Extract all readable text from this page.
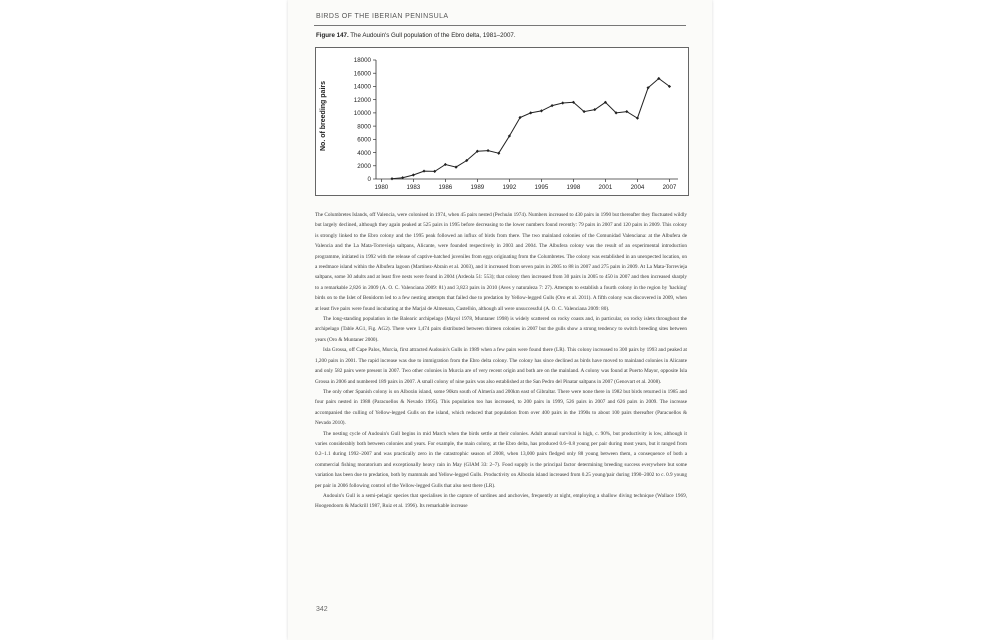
BIRDS OF THE IBERIAN PENINSULA
Figure 147. The Audouin's Gull population of the Ebro delta, 1981–2007.
No. of breeding pairs
0
2000
4000
6000
8000
10000
12000
14000
16000
18000
1980	1983	1986	1989	1992	1995	1998	2001	2004	2007

The Columbretes Islands, off Valencia, were colonised in 1974, when 45 pairs nested (Pechuán 1974). Numbers increased to 430 pairs in 1990 but thereafter they fluctuated wildly but largely declined, although they again peaked at 525 pairs in 1995 before decreasing to the lower numbers found recently: 79 pairs in 2007 and 120 pairs in 2009. This colony is strongly linked to the Ebro colony and the 1995 peak followed an influx of birds from there. The two mainland colonies of the Comunidad Valenciana: at the Albufera de Valencia and the La Mata-Torrevieja saltpans, Alicante, were founded respectively in 2003 and 2004. The Albufera colony was the result of an experimental introduction programme, initiated in 1992 with the release of captive-hatched juveniles from eggs originating from the Columbretes. The colony was established in an unexpected location, on a reedmace island within the Albufera lagoon (Martínez-Abraín et al. 2003), and it increased from seven pairs in 2005 to 88 in 2007 and 275 pairs in 2009. At La Mata-Torrevieja saltpans, some 30 adults and at least five nests were found in 2004 (Ardeola 51: 553); that colony then increased from 30 pairs in 2005 to 450 in 2007 and then increased sharply to a remarkable 2,826 in 2009 (A. O. C. Valenciana 2009: 81) and 3,823 pairs in 2010 (Aves y naturaleza 7: 27). Attempts to establish a fourth colony in the region by 'hacking' birds on to the Islet of Benidorm led to a few nesting attempts that failed due to predation by Yellow-legged Gulls (Oro et al. 2011). A fifth colony was discovered in 2009, when at least five pairs were found incubating at the Marjal de Almenara, Castellón, although all were unsuccessful (A. O. C. Valenciana 2009: 80).

The long-standing population in the Balearic archipelago (Mayol 1978, Muntaner 1998) is widely scattered on rocky coasts and, in particular, on rocky islets throughout the archipelago (Table AG1, Fig. AG2). There were 1,474 pairs distributed between thirteen colonies in 2007 but the gulls show a strong tendency to switch breeding sites between years (Oro & Muntaner 2000).

Isla Grossa, off Cape Palos, Murcia, first attracted Audouin's Gulls in 1989 when a few pairs were found there (LR). This colony increased to 300 pairs by 1993 and peaked at 1,200 pairs in 2001. The rapid increase was due to immigration from the Ebro delta colony. The colony has since declined as birds have moved to mainland colonies in Alicante and only 582 pairs were present in 2007. Two other colonies in Murcia are of very recent origin and both are on the mainland. A colony was found at Puerto Mayor, opposite Isla Grossa in 2006 and numbered 189 pairs in 2007. A small colony of nine pairs was also established at the San Pedro del Pinatar saltpans in 2007 (Genovart et al. 2008).

The only other Spanish colony is on Alborán island, some 90km south of Almería and 200km east of Gibraltar. There were none there in 1982 but birds returned in 1985 and four pairs nested in 1988 (Paracuellos & Nevado 1995). This population too has increased, to 200 pairs in 1999, 526 pairs in 2007 and 626 pairs in 2009. The increase accompanied the culling of Yellow-legged Gulls on the island, which reduced that population from over 400 pairs in the 1990s to about 100 pairs thereafter (Paracuellos & Nevado 2010).

The nesting cycle of Audouin's Gull begins in mid March when the birds settle at their colonies. Adult annual survival is high, c. 90%, but productivity is low, although it varies considerably both between colonies and years. For example, the main colony, at the Ebro delta, has produced 0.6–0.8 young per pair during most years, but it ranged from 0.2–1.1 during 1992–2007 and was practically zero in the catastrophic season of 2008, when 13,000 pairs fledged only 88 young between them, a consequence of both a commercial fishing moratorium and exceptionally heavy rain in May (GIAM 33: 2–7). Food supply is the principal factor determining breeding success everywhere but some variation has been due to predation, both by mammals and Yellow-legged Gulls. Productivity on Alborán island increased from 0.25 young/pair during 1990–2002 to c. 0.9 young per pair in 2006 following control of the Yellow-legged Gulls that also nest there (LR).

Audouin's Gull is a semi-pelagic species that specialises in the capture of sardines and anchovies, frequently at night, employing a shallow diving technique (Wallace 1969, Hoogendoorn & Mackrill 1987, Ruiz et al. 1996). Its remarkable increase

342
